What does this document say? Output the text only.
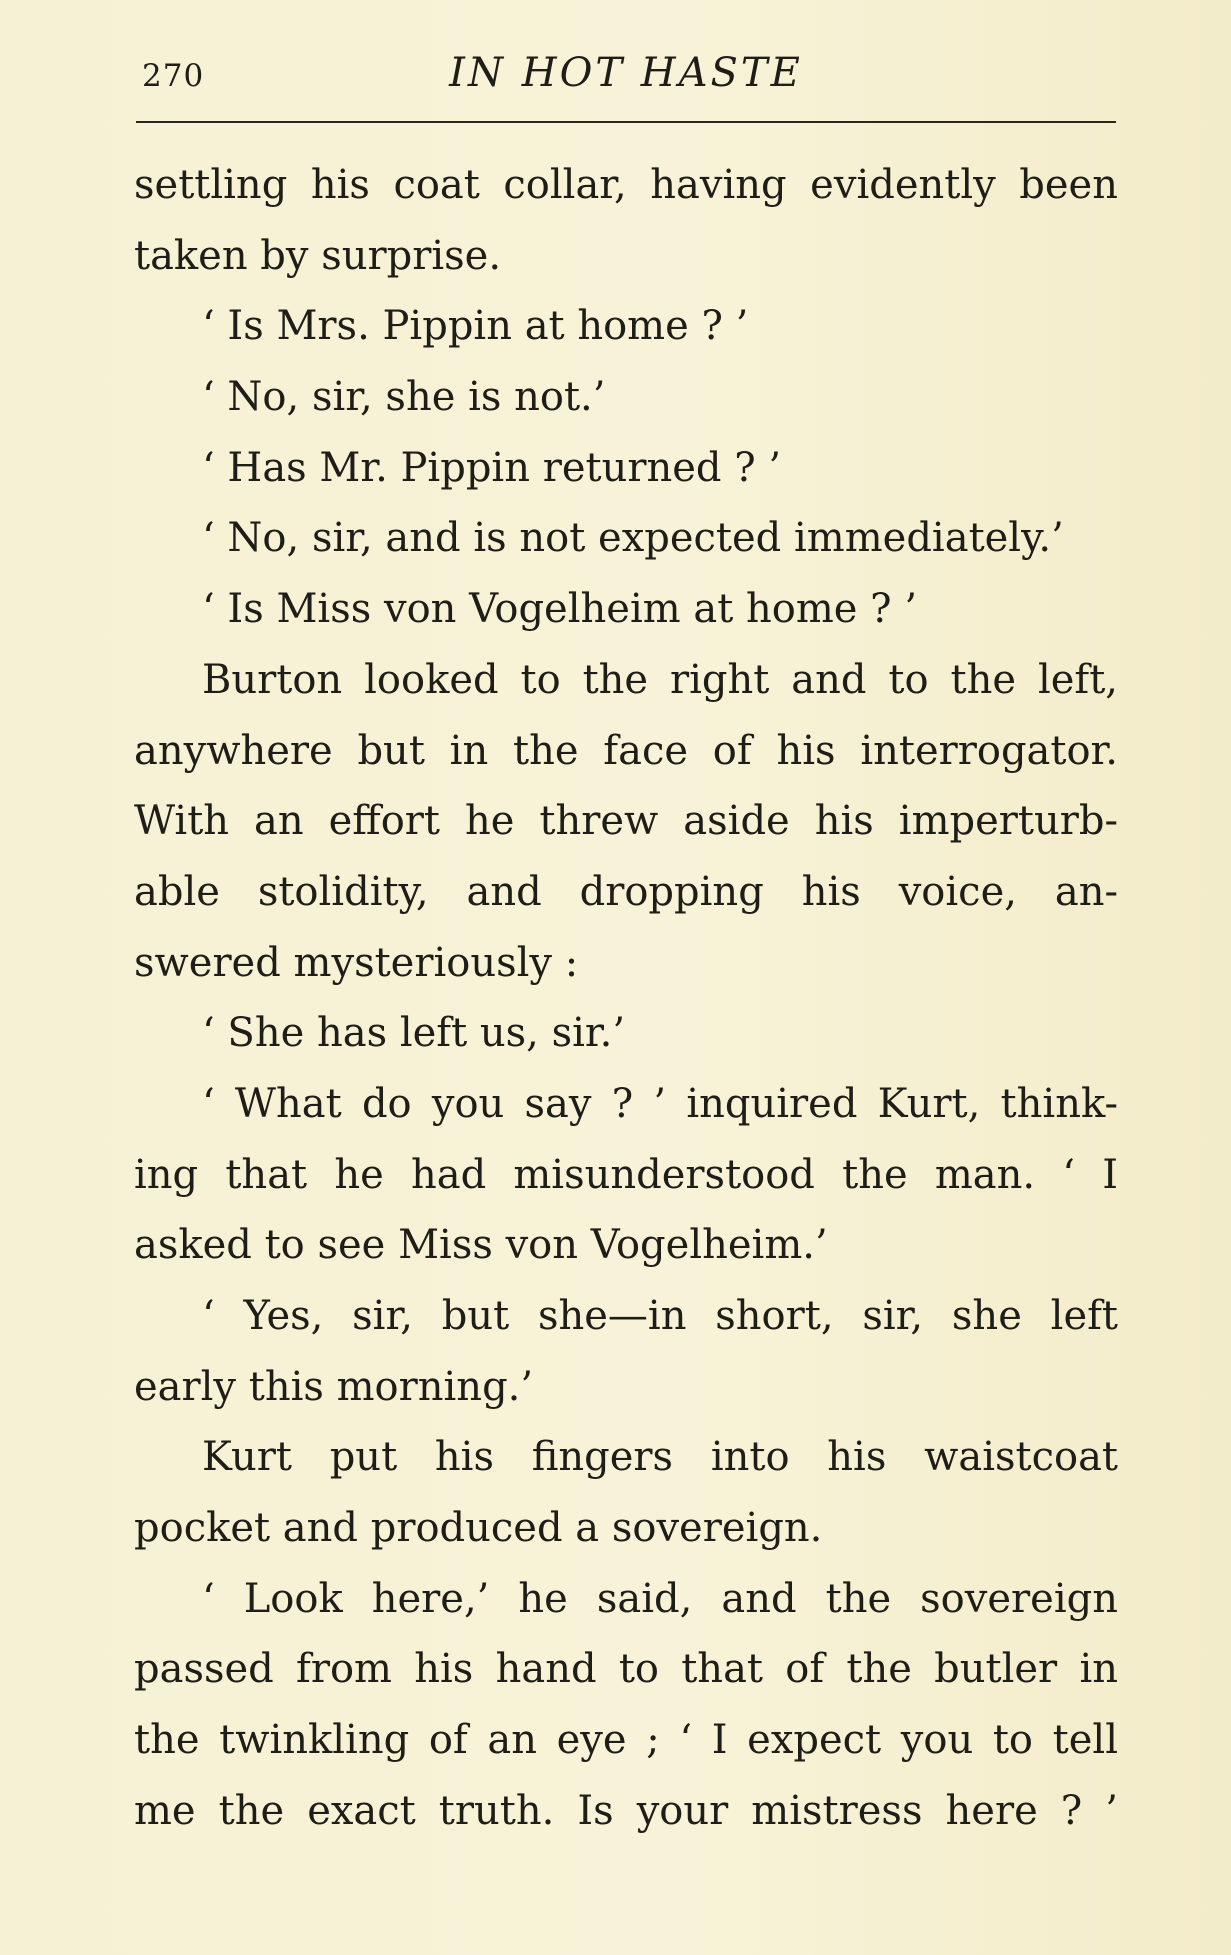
270	IN HOT HASTE
settling his coat collar, having evidently been
taken by surprise.
‘ Is Mrs. Pippin at home ? ’
‘ No, sir, she is not.’
‘ Has Mr. Pippin returned ? ’
‘ No, sir, and is not expected immediately.’
‘ Is Miss von Vogelheim at home ? ’
Burton looked to the right and to the left,
anywhere but in the face of his interrogator.
With an effort he threw aside his imperturb-
able stolidity, and dropping his voice, an-
swered mysteriously :
‘ She has left us, sir.’
‘ What do you say ? ’ inquired Kurt, think-
ing that he had misunderstood the man. ‘ I
asked to see Miss von Vogelheim.’
‘ Yes, sir, but she—in short, sir, she left
early this morning.’
Kurt put his fingers into his waistcoat
pocket and produced a sovereign.
‘ Look here,’ he said, and the sovereign
passed from his hand to that of the butler in
the twinkling of an eye ; ‘ I expect you to tell
me the exact truth. Is your mistress here ? ’
